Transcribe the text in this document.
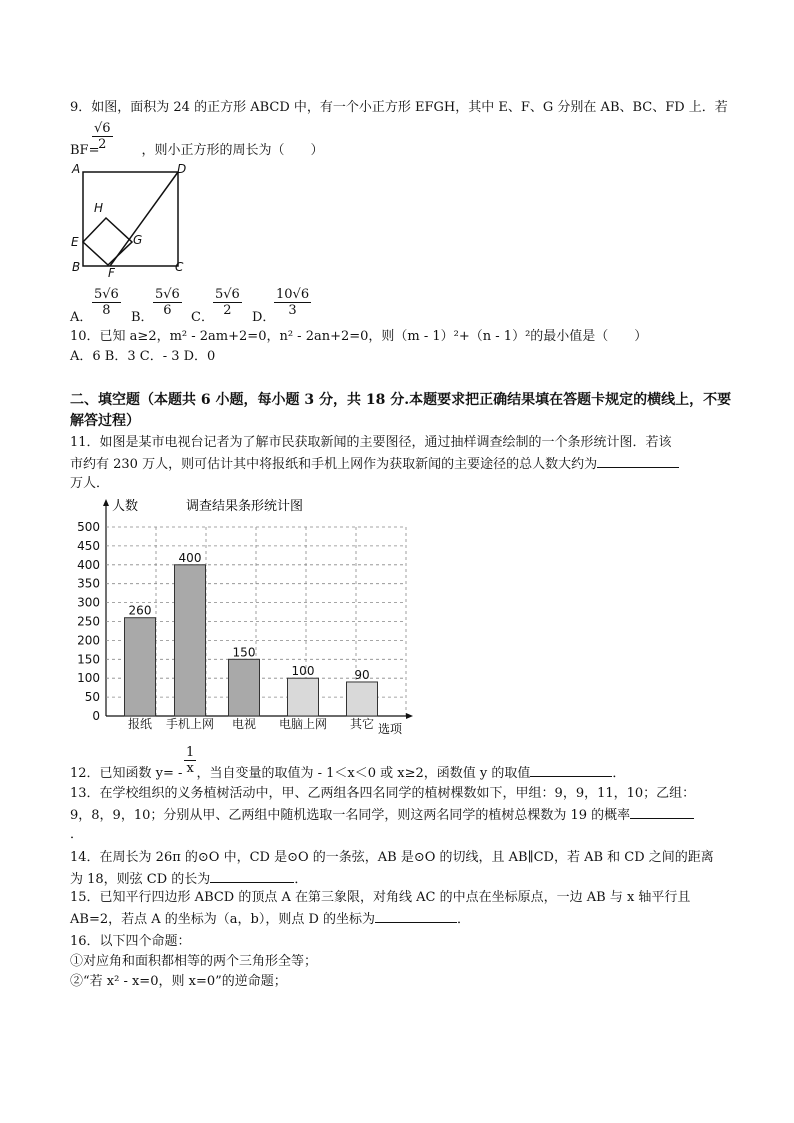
9．如图，面积为 24 的正方形 ABCD 中，有一个小正方形 EFGH，其中 E、F、G 分别在 AB、BC、FD 上．若
$\frac{√6}{2}$
BF=	，则小正方形的周长为（　　）
A	D
H
E	G
B F	C
A． $\frac{5√6}{8}$ B． $\frac{5√6}{6}$ C． $\frac{5√6}{2}$ D．
$\frac{10√6}{3}$
10．已知 a≥2，m² - 2am+2=0，n² - 2an+2=0，则（m - 1）²+（n - 1）²的最小值是（　　）
A．6 B．3 C．- 3 D．0
二、填空题（本题共 6 小题，每小题 3 分，共 18 分.本题要求把正确结果填在答题卡规定的横线上，不要
解答过程）
11．如图是某市电视台记者为了解市民获取新闻的主要图径，通过抽样调查绘制的一个条形统计图．若该
市约有 230 万人，则可估计其中将报纸和手机上网作为获取新闻的主要途径的总人数大约为
万人．
0
50
100
150
200
250
300
350
400
450
500
260
报纸
400
手机上网
150
电视
100
电脑上网
90
其它
人数	调查结果条形统计图
选项
12．已知函数 y= - ，当自变量的取值为 - 1＜x＜0 或 x≥2，函数值 y 的取值	．
$\frac{1}{x}$
13．在学校组织的义务植树活动中，甲、乙两组各四名同学的植树棵数如下，甲组：9，9，11，10；乙组：
9，8，9，10；分别从甲、乙两组中随机选取一名同学，则这两名同学的植树总棵数为 19 的概率
．
14．在周长为 26π 的⊙O 中，CD 是⊙O 的一条弦，AB 是⊙O 的切线，且 AB∥CD，若 AB 和 CD 之间的距离
为 18，则弦 CD 的长为	．
15．已知平行四边形 ABCD 的顶点 A 在第三象限，对角线 AC 的中点在坐标原点，一边 AB 与 x 轴平行且
AB=2，若点 A 的坐标为（a，b），则点 D 的坐标为	．
16．以下四个命题：
①对应角和面积都相等的两个三角形全等；
②“若 x² - x=0，则 x=0”的逆命题；
